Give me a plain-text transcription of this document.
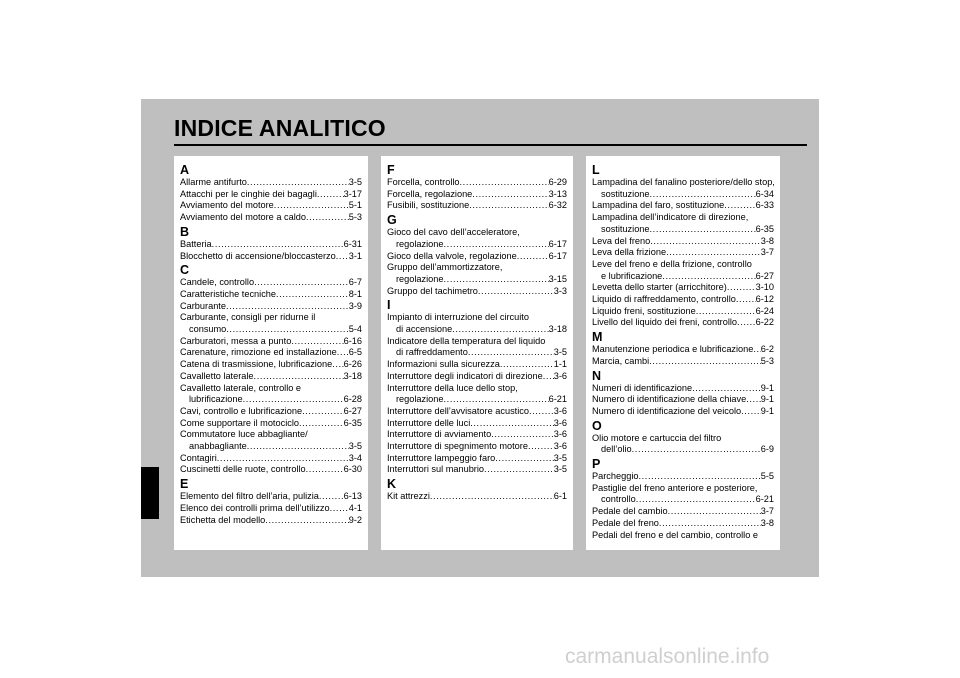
INDICE ANALITICO
A
Allarme antifurto .....	3-5
Attacchi per le cinghie dei bagagli .....	3-17
Avviamento del motore .....	5-1
Avviamento del motore a caldo .....	5-3
B
Batteria .....	6-31
Blocchetto di accensione/bloccasterzo ..... 3-1
C
Candele, controllo .....	6-7
Caratteristiche tecniche .....	8-1
Carburante .....	3-9
Carburante, consigli per ridurne il
consumo .....	5-4
Carburatori, messa a punto .....	6-16
Carenature, rimozione ed installazione ..... 6-5
Catena di trasmissione, lubrificazione ..... 6-26
Cavalletto laterale .....	3-18
Cavalletto laterale, controllo e
lubrificazione .....	6-28
Cavi, controllo e lubrificazione .....	6-27
Come supportare il motociclo .....	6-35
Commutatore luce abbagliante/
anabbagliante .....	3-5
Contagiri .....	3-4
Cuscinetti delle ruote, controllo .....	6-30
E
Elemento del filtro dell’aria, pulizia .....	6-13
Elenco dei controlli prima dell’utilizzo ..... 4-1
Etichetta del modello .....	9-2
F
Forcella, controllo .....	6-29
Forcella, regolazione .....	3-13
Fusibili, sostituzione .....	6-32
G
Gioco del cavo dell’acceleratore,
regolazione .....	6-17
Gioco della valvole, regolazione .....	6-17
Gruppo dell’ammortizzatore,
regolazione .....	3-15
Gruppo del tachimetro .....	3-3
I
Impianto di interruzione del circuito
di accensione .....	3-18
Indicatore della temperatura del liquido
di raffreddamento .....	3-5
Informazioni sulla sicurezza .....	1-1
Interruttore degli indicatori di direzione ..... 3-6
Interruttore della luce dello stop,
regolazione .....	6-21
Interruttore dell’avvisatore acustico .....	3-6
Interruttore delle luci .....	3-6
Interruttore di avviamento .....	3-6
Interruttore di spegnimento motore .....	3-6
Interruttore lampeggio faro .....	3-5
Interruttori sul manubrio .....	3-5
K
Kit attrezzi .....	6-1
L
Lampadina del fanalino posteriore/dello stop,
sostituzione .....	6-34
Lampadina del faro, sostituzione .....	6-33
Lampadina dell’indicatore di direzione,
sostituzione .....	6-35
Leva del freno .....	3-8
Leva della frizione .....	3-7
Leve del freno e della frizione, controllo
e lubrificazione .....	6-27
Levetta dello starter (arricchitore) .....	3-10
Liquido di raffreddamento, controllo ..... 6-12
Liquido freni, sostituzione .....	6-24
Livello del liquido dei freni, controllo ..... 6-22
M
Manutenzione periodica e lubrificazione ..... 6-2
Marcia, cambi .....	5-3
N
Numeri di identificazione .....	9-1
Numero di identificazione della chiave ..... 9-1
Numero di identificazione del veicolo ..... 9-1
O
Olio motore e cartuccia del filtro
dell’olio .....	6-9
P
Parcheggio .....	5-5
Pastiglie del freno anteriore e posteriore,
controllo .....	6-21
Pedale del cambio .....	3-7
Pedale del freno .....	3-8
Pedali del freno e del cambio, controllo e
carmanualsonline.info
